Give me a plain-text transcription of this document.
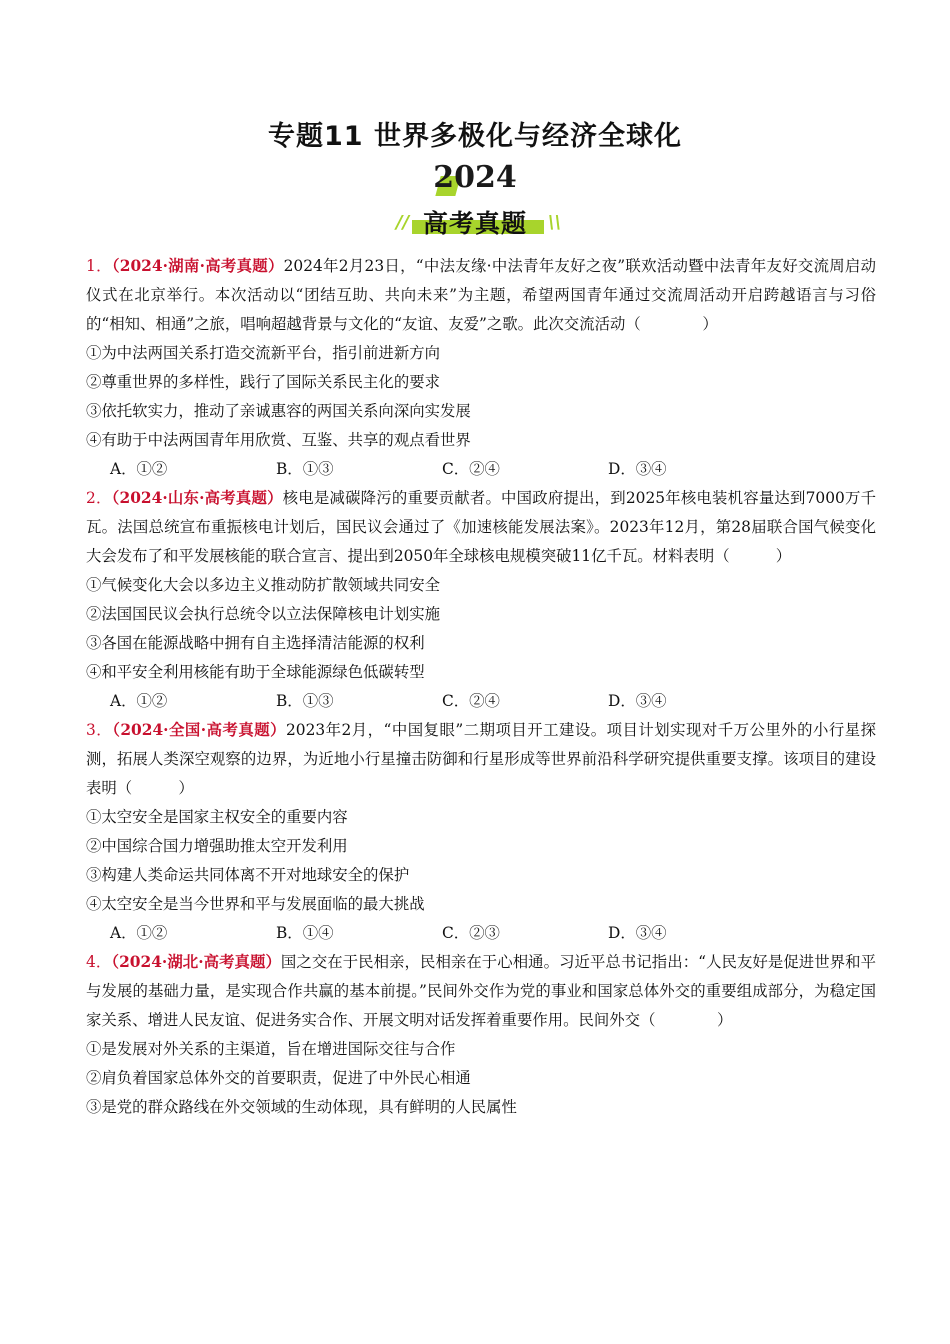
专题11 世界多极化与经济全球化
2024
// 高考真题	\\

1．（2024·湖南·高考真题）2024年2月23日，“中法友缘·中法青年友好之夜”联欢活动暨中法青年友好交流周启动仪式在北京举行。本次活动以“团结互助、共向未来”为主题，希望两国青年通过交流周活动开启跨越语言与习俗的“相知、相通”之旅，唱响超越背景与文化的“友谊、友爱”之歌。此次交流活动（　　　　）

①为中法两国关系打造交流新平台，指引前进新方向

②尊重世界的多样性，践行了国际关系民主化的要求

③依托软实力，推动了亲诚惠容的两国关系向深向实发展

④有助于中法两国青年用欣赏、互鉴、共享的观点看世界

A．①②	B．①③	C．②④	D．③④

2．（2024·山东·高考真题）核电是减碳降污的重要贡献者。中国政府提出，到2025年核电装机容量达到7000万千瓦。法国总统宣布重振核电计划后，国民议会通过了《加速核能发展法案》。2023年12月，第28届联合国气候变化大会发布了和平发展核能的联合宣言、提出到2050年全球核电规模突破11亿千瓦。材料表明（　　　）

①气候变化大会以多边主义推动防扩散领域共同安全

②法国国民议会执行总统令以立法保障核电计划实施

③各国在能源战略中拥有自主选择清洁能源的权利

④和平安全利用核能有助于全球能源绿色低碳转型

A．①②	B．①③	C．②④	D．③④

3．（2024·全国·高考真题）2023年2月，“中国复眼”二期项目开工建设。项目计划实现对千万公里外的小行星探测，拓展人类深空观察的边界，为近地小行星撞击防御和行星形成等世界前沿科学研究提供重要支撑。该项目的建设表明（　　　）

①太空安全是国家主权安全的重要内容

②中国综合国力增强助推太空开发利用

③构建人类命运共同体离不开对地球安全的保护

④太空安全是当今世界和平与发展面临的最大挑战

A．①②	B．①④	C．②③	D．③④

4．（2024·湖北·高考真题）国之交在于民相亲，民相亲在于心相通。习近平总书记指出：“人民友好是促进世界和平与发展的基础力量，是实现合作共赢的基本前提。”民间外交作为党的事业和国家总体外交的重要组成部分，为稳定国家关系、增进人民友谊、促进务实合作、开展文明对话发挥着重要作用。民间外交（　　　　）

①是发展对外关系的主渠道，旨在增进国际交往与合作

②肩负着国家总体外交的首要职责，促进了中外民心相通

③是党的群众路线在外交领域的生动体现，具有鲜明的人民属性
